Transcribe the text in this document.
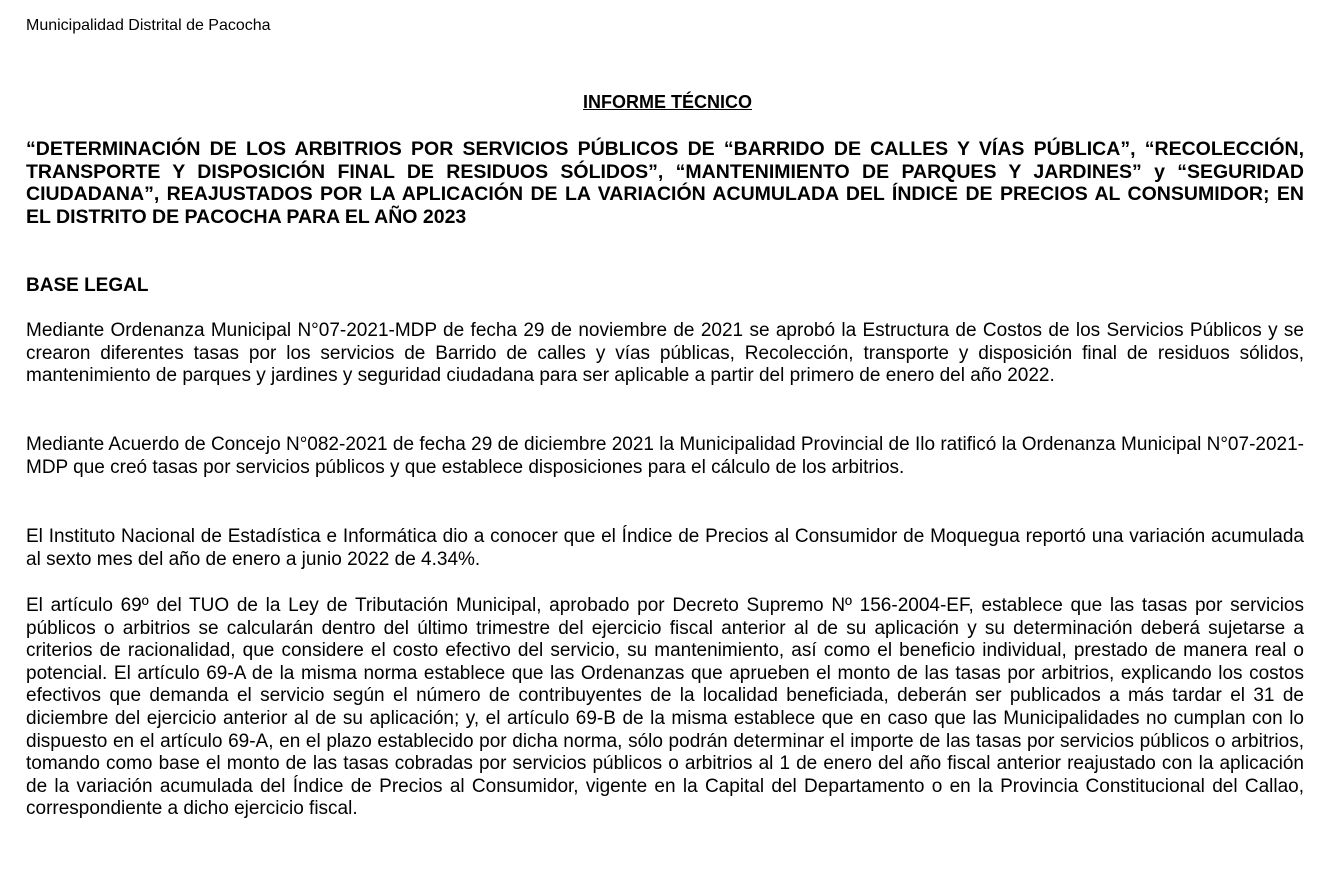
Municipalidad Distrital de Pacocha
INFORME TÉCNICO

“DETERMINACIÓN DE LOS ARBITRIOS POR SERVICIOS PÚBLICOS DE “BARRIDO DE CALLES Y VÍAS PÚBLICA”, “RECOLECCIÓN, TRANSPORTE Y DISPOSICIÓN FINAL DE RESIDUOS SÓLIDOS”, “MANTENIMIENTO DE PARQUES Y JARDINES” y “SEGURIDAD CIUDADANA”, REAJUSTADOS POR LA APLICACIÓN DE LA VARIACIÓN ACUMULADA DEL ÍNDICE DE PRECIOS AL CONSUMIDOR; EN EL DISTRITO DE PACOCHA PARA EL AÑO 2023

BASE LEGAL

Mediante Ordenanza Municipal N°07-2021-MDP de fecha 29 de noviembre de 2021 se aprobó la Estructura de Costos de los Servicios Públicos y se crearon diferentes tasas por los servicios de Barrido de calles y vías públicas, Recolección, transporte y disposición final de residuos sólidos, mantenimiento de parques y jardines y seguridad ciudadana para ser aplicable a partir del primero de enero del año 2022.

Mediante Acuerdo de Concejo N°082-2021 de fecha 29 de diciembre 2021 la Municipalidad Provincial de Ilo ratificó la Ordenanza Municipal N°07-2021-MDP que creó tasas por servicios públicos y que establece disposiciones para el cálculo de los arbitrios.

El Instituto Nacional de Estadística e Informática dio a conocer que el Índice de Precios al Consumidor de Moquegua reportó una variación acumulada al sexto mes del año de enero a junio 2022 de 4.34%.

El artículo 69º del TUO de la Ley de Tributación Municipal, aprobado por Decreto Supremo Nº 156-2004-EF, establece que las tasas por servicios públicos o arbitrios se calcularán dentro del último trimestre del ejercicio fiscal anterior al de su aplicación y su determinación deberá sujetarse a criterios de racionalidad, que considere el costo efectivo del servicio, su mantenimiento, así como el beneficio individual, prestado de manera real o potencial. El artículo 69-A de la misma norma establece que las Ordenanzas que aprueben el monto de las tasas por arbitrios, explicando los costos efectivos que demanda el servicio según el número de contribuyentes de la localidad beneficiada, deberán ser publicados a más tardar el 31 de diciembre del ejercicio anterior al de su aplicación; y, el artículo 69-B de la misma establece que en caso que las Municipalidades no cumplan con lo dispuesto en el artículo 69-A, en el plazo establecido por dicha norma, sólo podrán determinar el importe de las tasas por servicios públicos o arbitrios, tomando como base el monto de las tasas cobradas por servicios públicos o arbitrios al 1 de enero del año fiscal anterior reajustado con la aplicación de la variación acumulada del Índice de Precios al Consumidor, vigente en la Capital del Departamento o en la Provincia Constitucional del Callao, correspondiente a dicho ejercicio fiscal.
